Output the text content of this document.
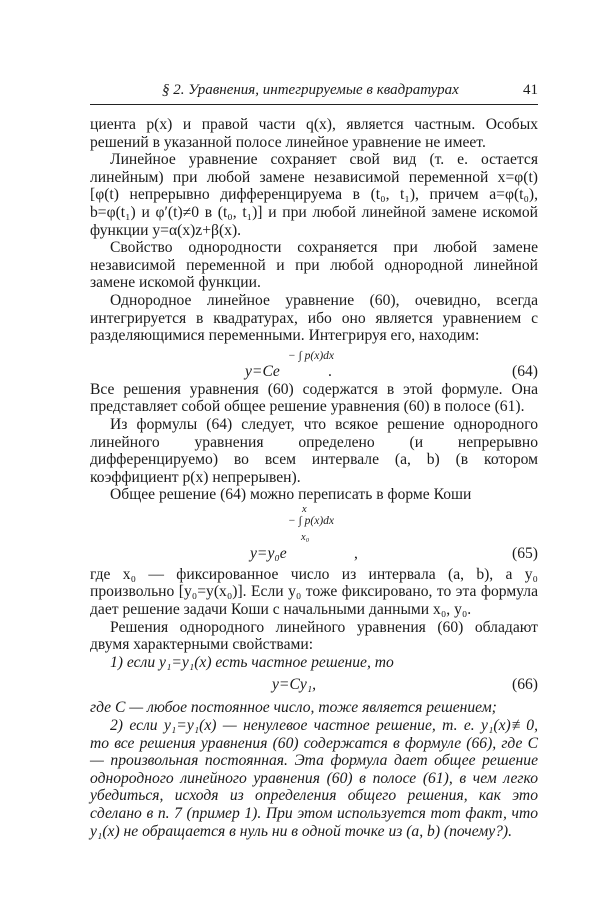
§ 2. Уравнения, интегрируемые в квадратурах	41

циента p(x) и правой части q(x), является частным. Особых решений в указанной полосе линейное уравнение не имеет.

Линейное уравнение сохраняет свой вид (т. е. остается линейным) при любой замене независимой переменной x=φ(t) [φ(t) непрерывно дифференцируема в (t₀, t₁), причем a=φ(t₀), b=φ(t₁) и φ′(t)≠0 в (t₀, t₁)] и при любой линейной замене искомой функции y=α(x)z+β(x).

Свойство однородности сохраняется при любой замене независимой переменной и при любой однородной линейной замене искомой функции.

Однородное линейное уравнение (60), очевидно, всегда интегрируется в квадратурах, ибо оно является уравнением с разделяющимися переменными. Интегрируя его, находим:

− ∫ p(x)dx
y=Ce	.	(64)

Все решения уравнения (60) содержатся в этой формуле. Она представляет собой общее решение уравнения (60) в полосе (61).

Из формулы (64) следует, что всякое решение однородного линейного уравнения определено (и непрерывно дифференцируемо) во всем интервале (a, b) (в котором коэффициент p(x) непрерывен).

Общее решение (64) можно переписать в форме Коши

x
− ∫ p(x)dx
x₀
y=y₀e	,	(65)

где x₀ — фиксированное число из интервала (a, b), а y₀ произвольно [y₀=y(x₀)]. Если y₀ тоже фиксировано, то эта формула дает решение задачи Коши с начальными данными x₀, y₀.

Решения однородного линейного уравнения (60) обладают двумя характерными свойствами:

1) если y₁=y₁(x) есть частное решение, то

y=Cy₁,	(66)

где C — любое постоянное число, тоже является решением;

2) если y₁=y₁(x) — ненулевое частное решение, т. е. y₁(x)≢0, то все решения уравнения (60) содержатся в формуле (66), где C — произвольная постоянная. Эта формула дает общее решение однородного линейного уравнения (60) в полосе (61), в чем легко убедиться, исходя из определения общего решения, как это сделано в п. 7 (пример 1). При этом используется тот факт, что y₁(x) не обращается в нуль ни в одной точке из (a, b) (почему?).
